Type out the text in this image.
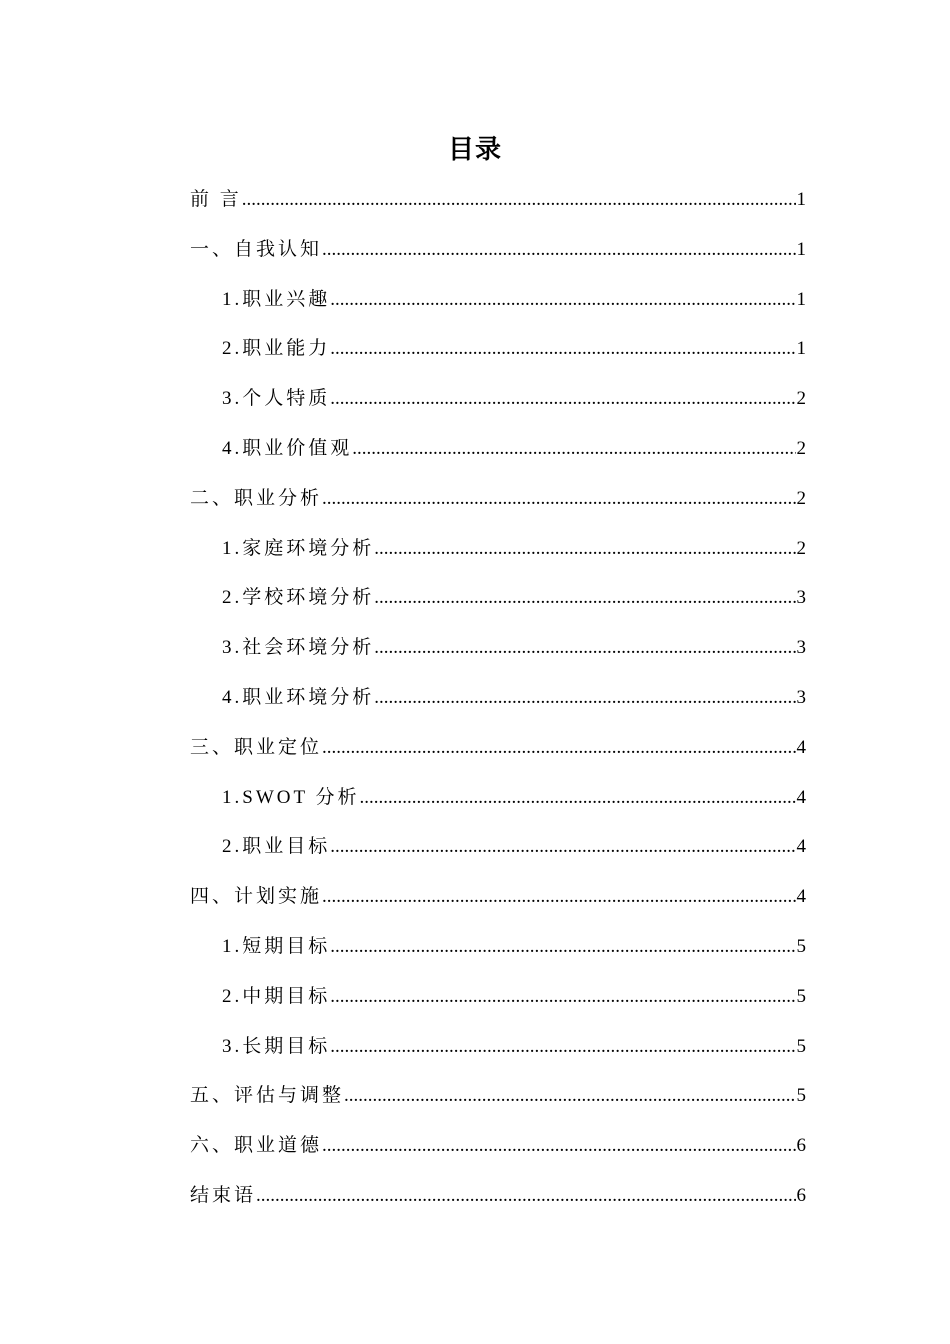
目录
前 言 .....	1
一、自我认知 .....	1
1.职业兴趣 .....	1
2.职业能力 .....	1
3.个人特质 .....	2
4.职业价值观 .....	2
二、职业分析 .....	2
1.家庭环境分析 .....	2
2.学校环境分析 .....	3
3.社会环境分析 .....	3
4.职业环境分析 .....	3
三、职业定位 .....	4
1.SWOT 分析 .....	4
2.职业目标 .....	4
四、计划实施 .....	4
1.短期目标 .....	5
2.中期目标 .....	5
3.长期目标 .....	5
五、评估与调整 .....	5
六、职业道德 .....	6
结束语 .....	6
